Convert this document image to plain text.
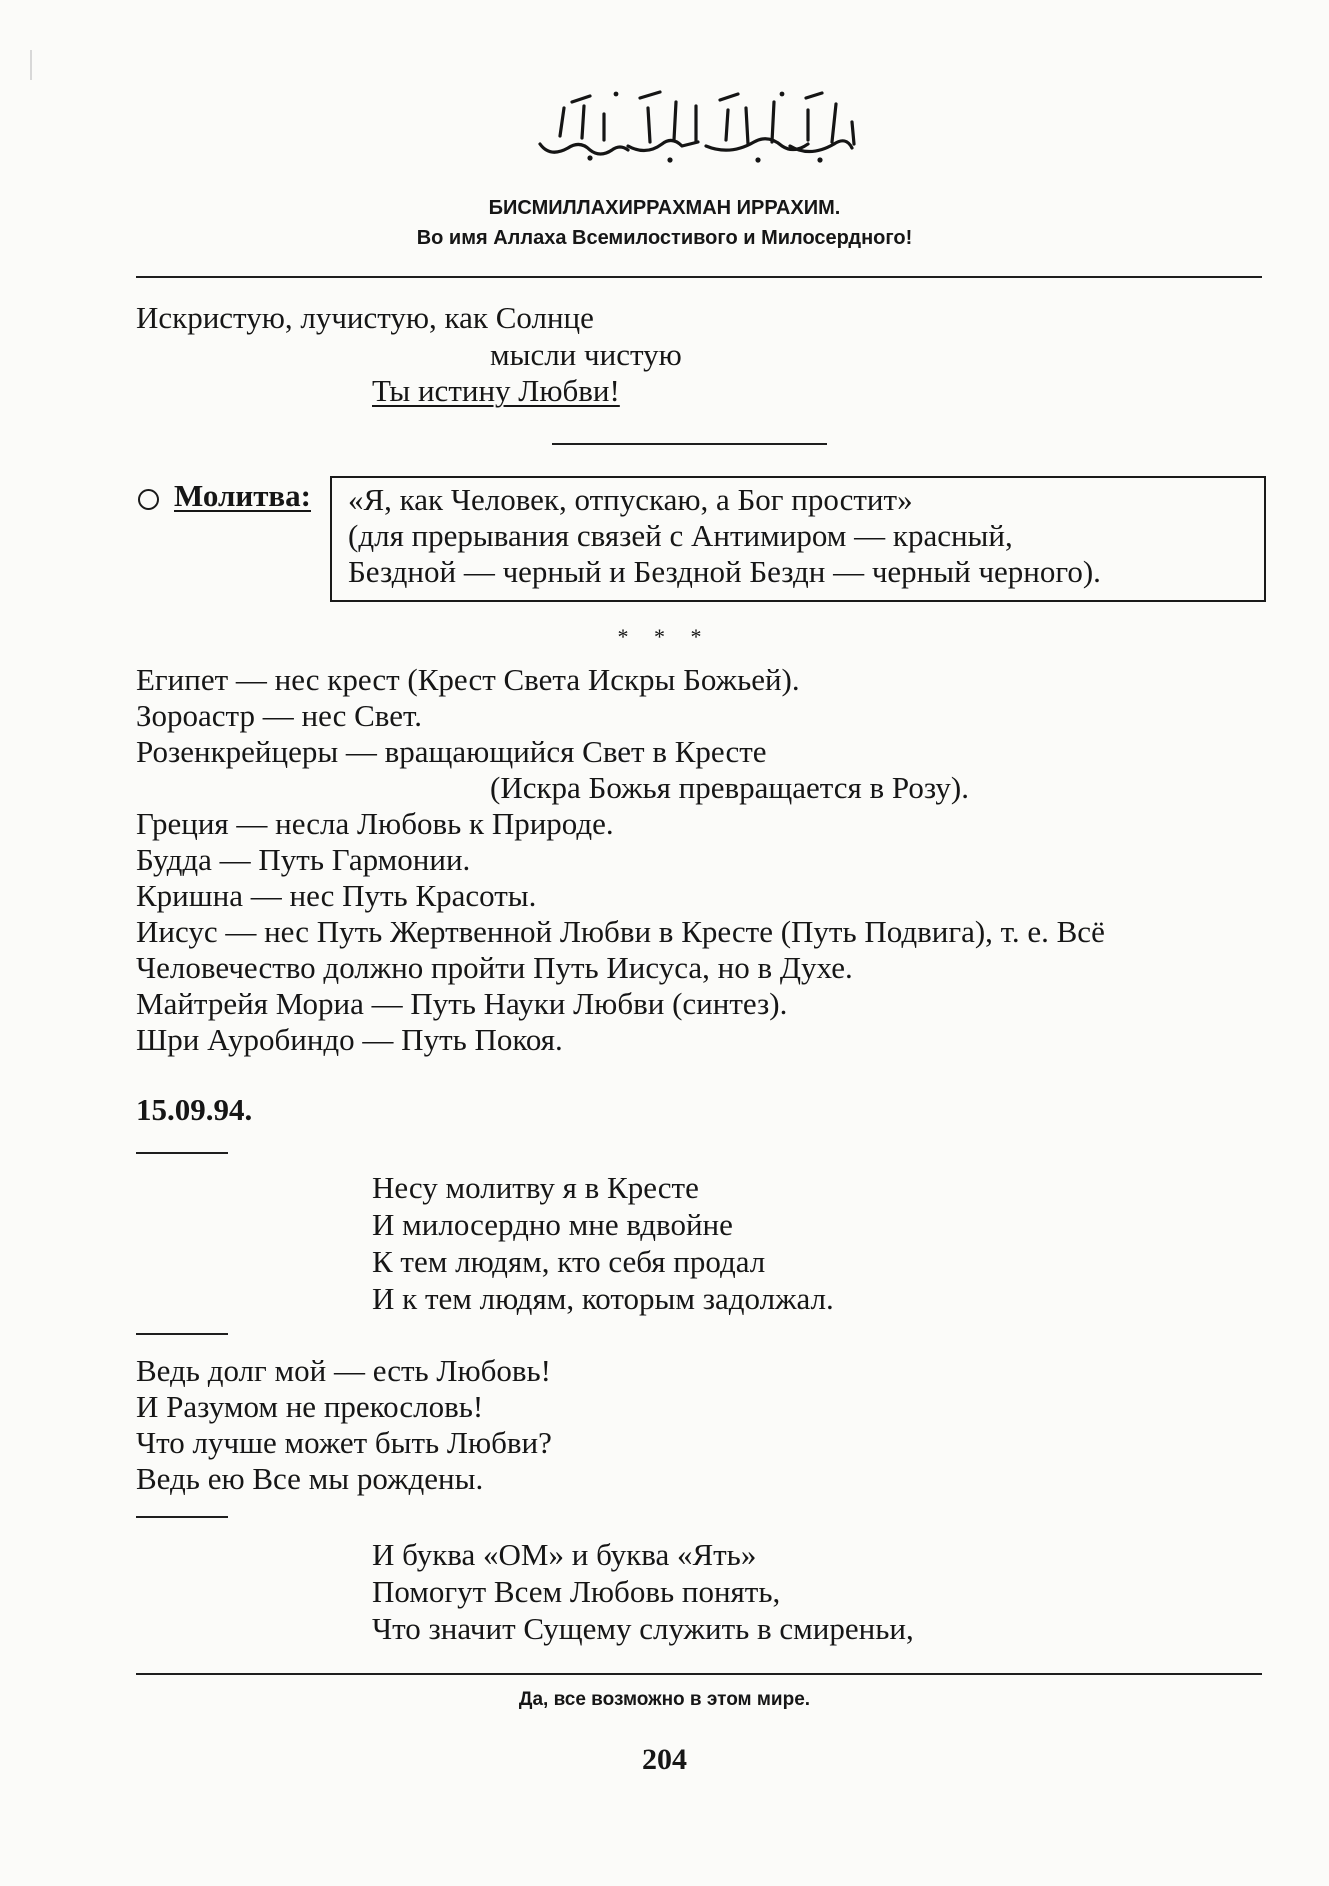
БИСМИЛЛАХИРРАХМАН ИРРАХИМ.
Во имя Аллаха Всемилостивого и Милосердного!
Искристую, лучистую, как Солнце
мысли чистую
Ты истину Любви!
Молитва: «Я, как Человек, отпускаю, а Бог простит»
(для прерывания связей с Антимиром — красный,
Бездной — черный и Бездной Бездн — черный черного).
* * *
Египет — нес крест (Крест Света Искры Божьей).
Зороастр — нес Свет.
Розенкрейцеры — вращающийся Свет в Кресте
(Искра Божья превращается в Розу).
Греция — несла Любовь к Природе.
Будда — Путь Гармонии.
Кришна — нес Путь Красоты.
Иисус — нес Путь Жертвенной Любви в Кресте (Путь Подвига), т. е. Всё
Человечество должно пройти Путь Иисуса, но в Духе.
Майтрейя Мориа — Путь Науки Любви (синтез).
Шри Ауробиндо — Путь Покоя.
15.09.94.
Несу молитву я в Кресте
И милосердно мне вдвойне
К тем людям, кто себя продал
И к тем людям, которым задолжал.
Ведь долг мой — есть Любовь!
И Разумом не прекословь!
Что лучше может быть Любви?
Ведь ею Все мы рождены.
И буква «ОМ» и буква «Ять»
Помогут Всем Любовь понять,
Что значит Сущему служить в смиреньи,
Да, все возможно в этом мире.
204
